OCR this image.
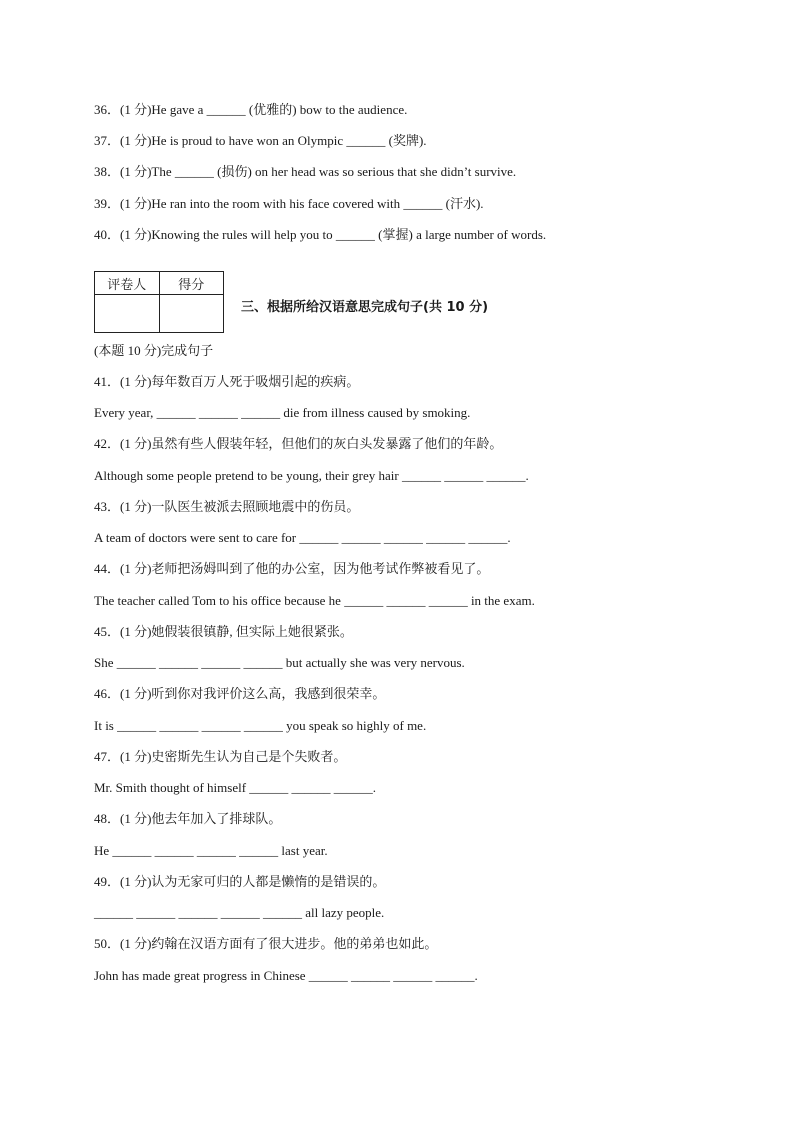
36．(1 分)He gave a ______ (优雅的) bow to the audience.
37．(1 分)He is proud to have won an Olympic ______ (奖牌).
38．(1 分)The ______ (损伤) on her head was so serious that she didn’t survive.
39．(1 分)He ran into the room with his face covered with ______ (汗水).
40．(1 分)Knowing the rules will help you to ______ (掌握) a large number of words.
评卷人	得分

三、根据所给汉语意思完成句子(共 10 分)
(本题 10 分)完成句子
41．(1 分)每年数百万人死于吸烟引起的疾病。
Every year, ______ ______ ______ die from illness caused by smoking.
42．(1 分)虽然有些人假装年轻，但他们的灰白头发暴露了他们的年龄。
Although some people pretend to be young, their grey hair ______ ______ ______.
43．(1 分)一队医生被派去照顾地震中的伤员。
A team of doctors were sent to care for ______ ______ ______ ______ ______.
44．(1 分)老师把汤姆叫到了他的办公室，因为他考试作弊被看见了。
The teacher called Tom to his office because he ______ ______ ______ in the exam.
45．(1 分)她假装很镇静, 但实际上她很紧张。
She ______ ______ ______ ______ but actually she was very nervous.
46．(1 分)听到你对我评价这么高，我感到很荣幸。
It is ______ ______ ______ ______ you speak so highly of me.
47．(1 分)史密斯先生认为自己是个失败者。
Mr. Smith thought of himself ______ ______ ______.
48．(1 分)他去年加入了排球队。
He ______ ______ ______ ______ last year.
49．(1 分)认为无家可归的人都是懒惰的是错误的。
______ ______ ______ ______ ______ all lazy people.
50．(1 分)约翰在汉语方面有了很大进步。他的弟弟也如此。
John has made great progress in Chinese ______ ______ ______ ______.
